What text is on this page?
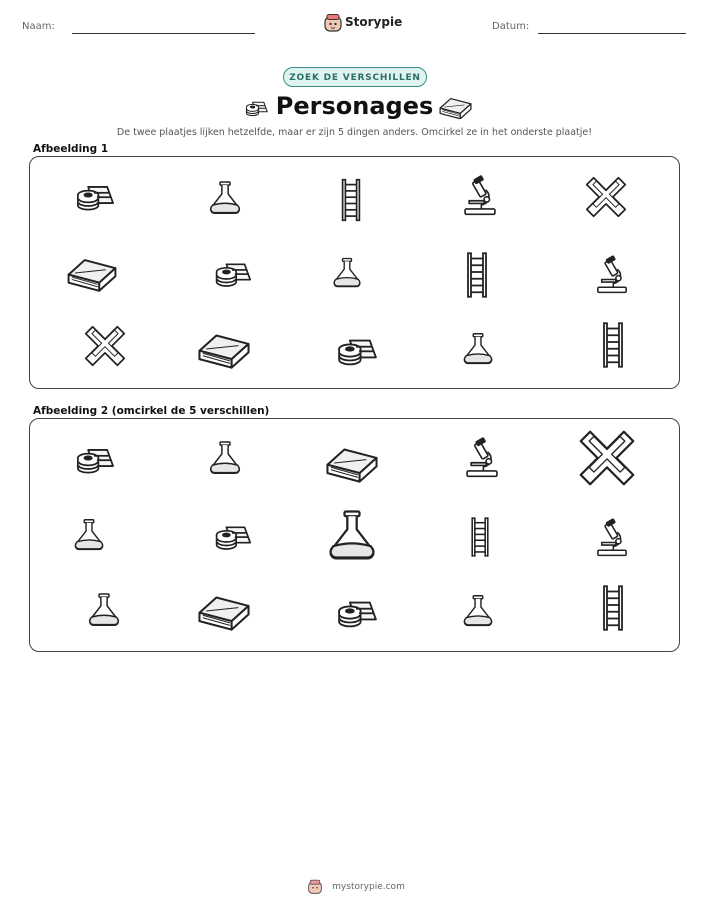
Naam:	Storypie	Datum:
ZOEK DE VERSCHILLEN
Personages
De twee plaatjes lijken hetzelfde, maar er zijn 5 dingen anders. Omcirkel ze in het onderste plaatje!
Afbeelding 1
Afbeelding 2 (omcirkel de 5 verschillen)
mystorypie.com
